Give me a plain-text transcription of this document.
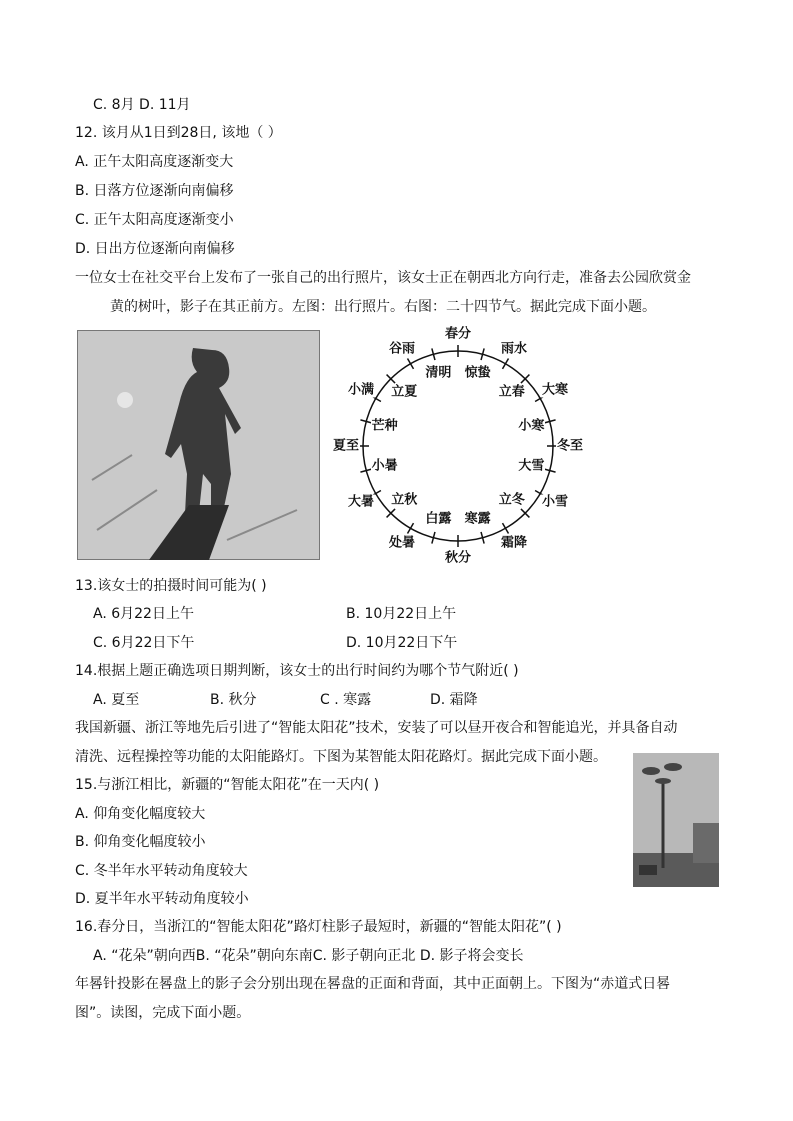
C. 8月 D. 11月
12. 该月从1日到28日, 该地（ ）
A. 正午太阳高度逐渐变大
B. 日落方位逐渐向南偏移
C. 正午太阳高度逐渐变小
D. 日出方位逐渐向南偏移
一位女士在社交平台上发布了一张自己的出行照片，该女士正在朝西北方向行走，准备去公园欣赏金
黄的树叶，影子在其正前方。左图：出行照片。右图：二十四节气。据此完成下面小题。
春分
雨水
大寒
冬至
小雪
霜降
秋分
处暑
大暑
夏至
小满
谷雨
惊蛰
立春
小寒
大雪
立冬
寒露
白露
立秋
小暑
芒种
立夏
清明
13.该女士的拍摄时间可能为( )
A. 6月22日上午	B. 10月22日上午
C. 6月22日下午	D. 10月22日下午
14.根据上题正确选项日期判断，该女士的出行时间约为哪个节气附近( )
A. 夏至	B. 秋分	C . 寒露	D. 霜降
我国新疆、浙江等地先后引进了“智能太阳花”技术，安装了可以昼开夜合和智能追光，并具备自动
清洗、远程操控等功能的太阳能路灯。下图为某智能太阳花路灯。据此完成下面小题。
15.与浙江相比，新疆的“智能太阳花”在一天内( )
A. 仰角变化幅度较大
B. 仰角变化幅度较小
C. 冬半年水平转动角度较大
D. 夏半年水平转动角度较小
16.春分日，当浙江的“智能太阳花”路灯柱影子最短时，新疆的“智能太阳花”( )
A. “花朵”朝向西B. “花朵”朝向东南C. 影子朝向正北 D. 影子将会变长
年晷针投影在晷盘上的影子会分别出现在晷盘的正面和背面，其中正面朝上。下图为“赤道式日晷
图”。读图，完成下面小题。
